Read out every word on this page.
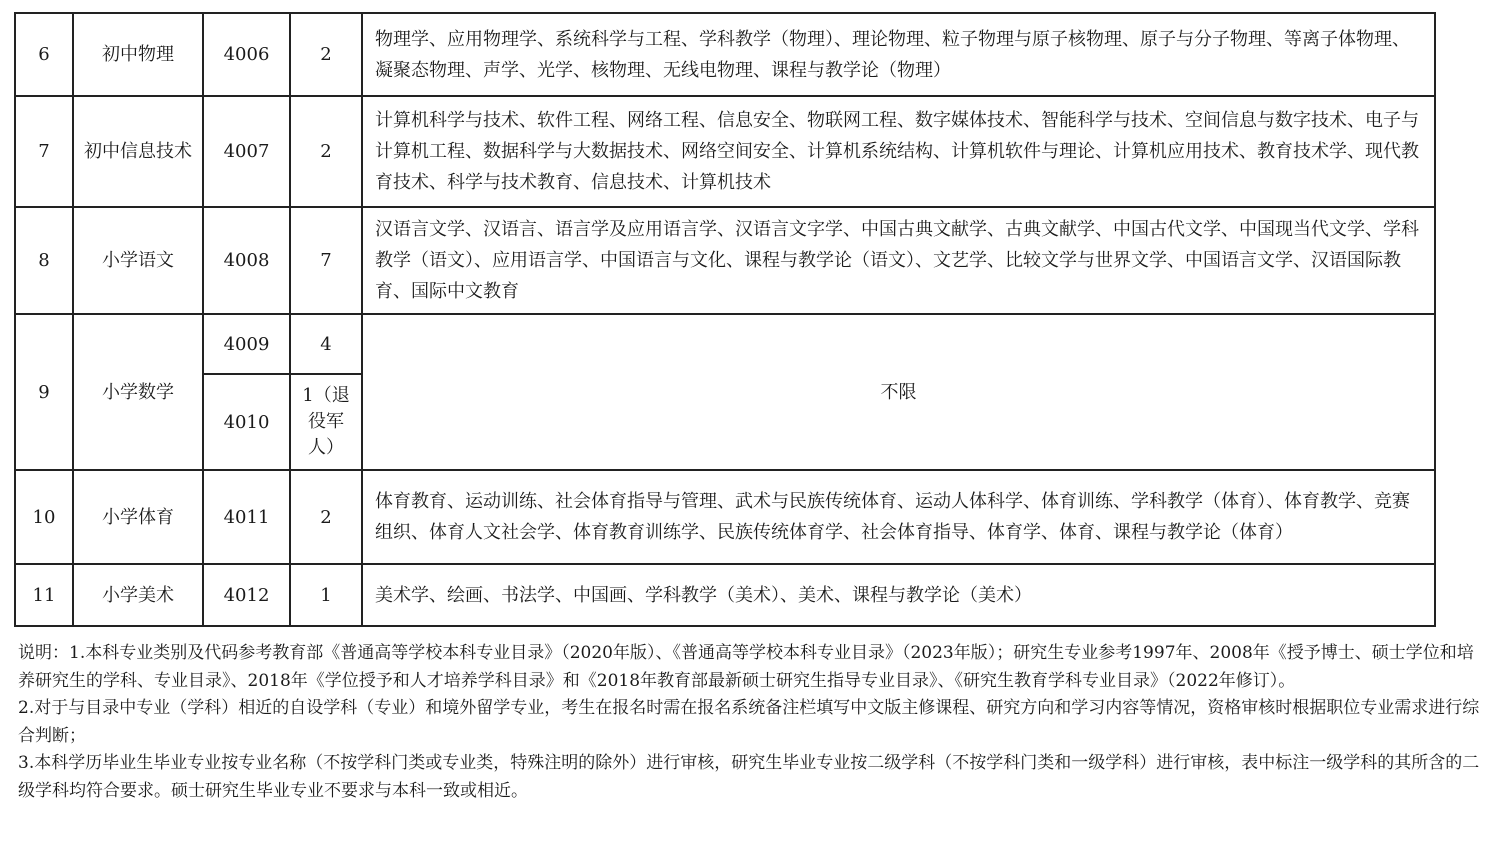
6	初中物理	4006	2	物理学、应用物理学、系统科学与工程、学科教学（物理）、理论物理、粒子物理与原子核物理、原子与分子物理、等离子体物理、凝聚态物理、声学、光学、核物理、无线电物理、课程与教学论（物理）
7	初中信息技术	4007	2	计算机科学与技术、软件工程、网络工程、信息安全、物联网工程、数字媒体技术、智能科学与技术、空间信息与数字技术、电子与计算机工程、数据科学与大数据技术、网络空间安全、计算机系统结构、计算机软件与理论、计算机应用技术、教育技术学、现代教育技术、科学与技术教育、信息技术、计算机技术
8	小学语文	4008	7	汉语言文学、汉语言、语言学及应用语言学、汉语言文字学、中国古典文献学、古典文献学、中国古代文学、中国现当代文学、学科教学（语文）、应用语言学、中国语言与文化、课程与教学论（语文）、文艺学、比较文学与世界文学、中国语言文学、汉语国际教育、国际中文教育
9	小学数学	4009	4	不限
		4010	1（退役军人）	
10	小学体育	4011	2	体育教育、运动训练、社会体育指导与管理、武术与民族传统体育、运动人体科学、体育训练、学科教学（体育）、体育教学、竞赛组织、体育人文社会学、体育教育训练学、民族传统体育学、社会体育指导、体育学、体育、课程与教学论（体育）
11	小学美术	4012	1	美术学、绘画、书法学、中国画、学科教学（美术）、美术、课程与教学论（美术）

说明：1.本科专业类别及代码参考教育部《普通高等学校本科专业目录》（2020年版）、《普通高等学校本科专业目录》（2023年版）；研究生专业参考1997年、2008年《授予博士、硕士学位和培养研究生的学科、专业目录》、2018年《学位授予和人才培养学科目录》和《2018年教育部最新硕士研究生指导专业目录》、《研究生教育学科专业目录》（2022年修订）。

2.对于与目录中专业（学科）相近的自设学科（专业）和境外留学专业，考生在报名时需在报名系统备注栏填写中文版主修课程、研究方向和学习内容等情况，资格审核时根据职位专业需求进行综合判断；

3.本科学历毕业生毕业专业按专业名称（不按学科门类或专业类，特殊注明的除外）进行审核，研究生毕业专业按二级学科（不按学科门类和一级学科）进行审核，表中标注一级学科的其所含的二级学科均符合要求。硕士研究生毕业专业不要求与本科一致或相近。
